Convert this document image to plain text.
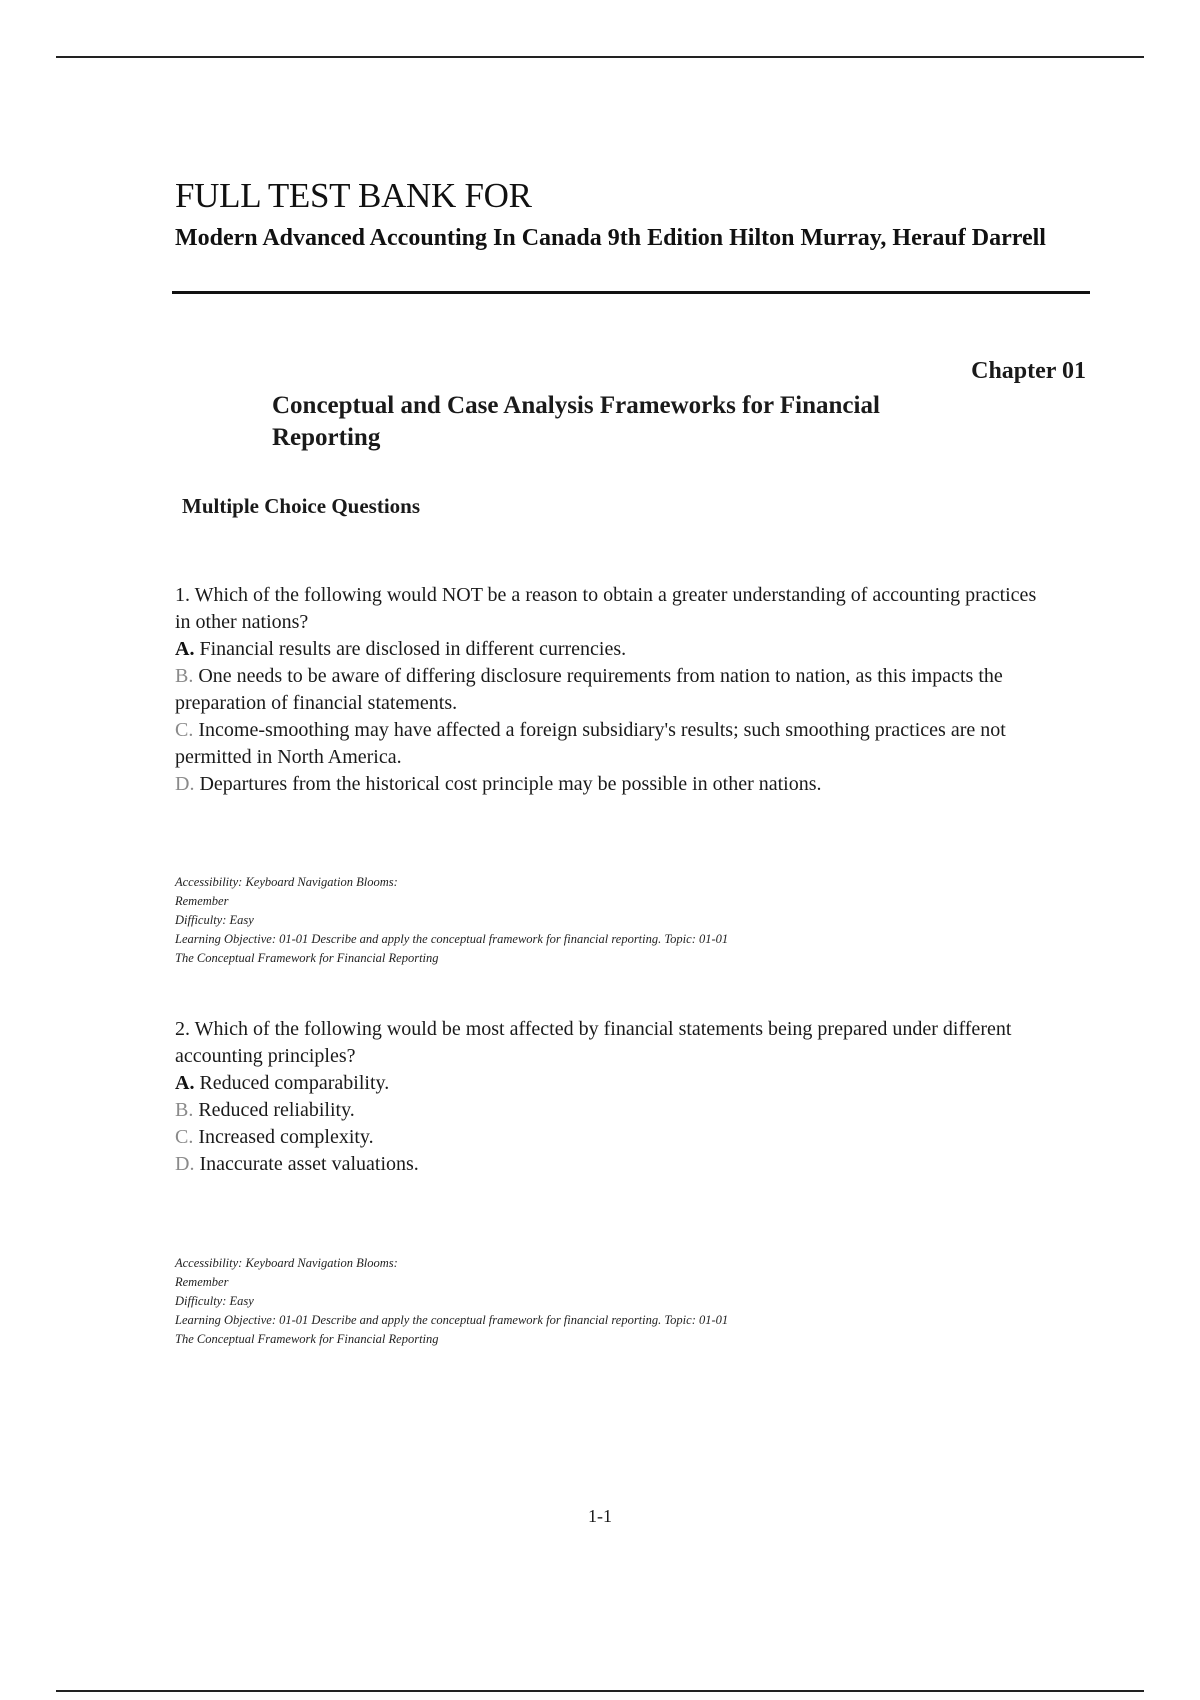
FULL TEST BANK FOR
Modern Advanced Accounting In Canada 9th Edition Hilton Murray, Herauf Darrell
Chapter 01
Conceptual and Case Analysis Frameworks for Financial Reporting
Multiple Choice Questions

1. Which of the following would NOT be a reason to obtain a greater understanding of accounting practices in other nations?

A. Financial results are disclosed in different currencies.

B. One needs to be aware of differing disclosure requirements from nation to nation, as this impacts the preparation of financial statements.

C. Income-smoothing may have affected a foreign subsidiary's results; such smoothing practices are not permitted in North America.

D. Departures from the historical cost principle may be possible in other nations.

Accessibility: Keyboard Navigation Blooms:
Remember
Difficulty: Easy
Learning Objective: 01-01 Describe and apply the conceptual framework for financial reporting. Topic: 01-01
The Conceptual Framework for Financial Reporting

2. Which of the following would be most affected by financial statements being prepared under different accounting principles?

A. Reduced comparability.

B. Reduced reliability.

C. Increased complexity.

D. Inaccurate asset valuations.

Accessibility: Keyboard Navigation Blooms:
Remember
Difficulty: Easy
Learning Objective: 01-01 Describe and apply the conceptual framework for financial reporting. Topic: 01-01
The Conceptual Framework for Financial Reporting
1-1
